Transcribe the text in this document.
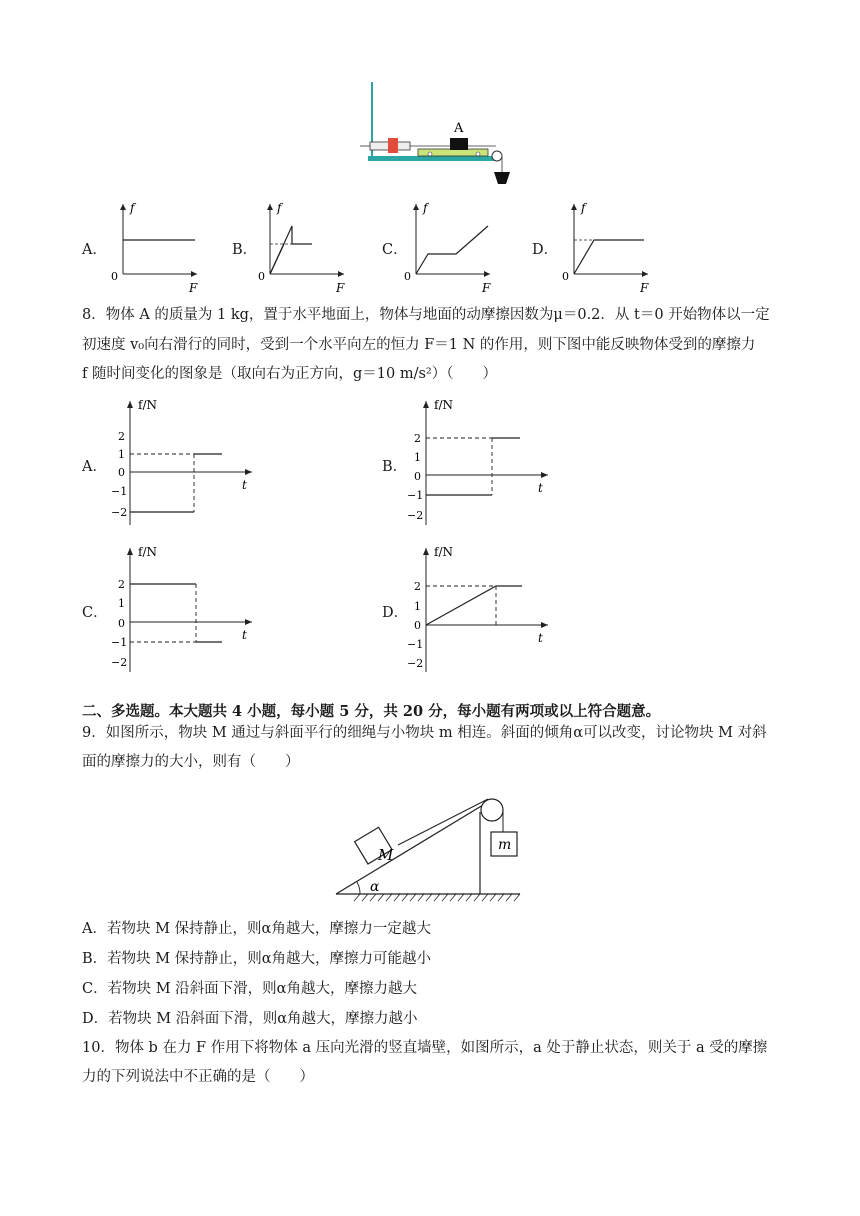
A
A．
f
F
0
B．
f
F
0
C．
f
F
0
D．
f
F
0
8．物体 A 的质量为 1 kg，置于水平地面上，物体与地面的动摩擦因数为μ＝0.2．从 t＝0 开始物体以一定
初速度 v₀向右滑行的同时，受到一个水平向左的恒力 F＝1 N 的作用，则下图中能反映物体受到的摩擦力
f 随时间变化的图象是（取向右为正方向，g＝10 m/s²）（　　）
A．
f/N
t
2
1
0
−1
−2
B．
f/N
t
2
1
0
−1
−2
C．
f/N
t
2
1
0
−1
−2
D．
f/N
t
2
1
0
−1
−2
二、多选题。本大题共 4 小题，每小题 5 分，共 20 分，每小题有两项或以上符合题意。
9．如图所示，物块 M 通过与斜面平行的细绳与小物块 m 相连。斜面的倾角α可以改变，讨论物块 M 对斜
面的摩擦力的大小，则有（　　）
M
m
α
A．若物块 M 保持静止，则α角越大，摩擦力一定越大
B．若物块 M 保持静止，则α角越大，摩擦力可能越小
C．若物块 M 沿斜面下滑，则α角越大，摩擦力越大
D．若物块 M 沿斜面下滑，则α角越大，摩擦力越小
10．物体 b 在力 F 作用下将物体 a 压向光滑的竖直墙壁，如图所示，a 处于静止状态，则关于 a 受的摩擦
力的下列说法中不正确的是（　　）
